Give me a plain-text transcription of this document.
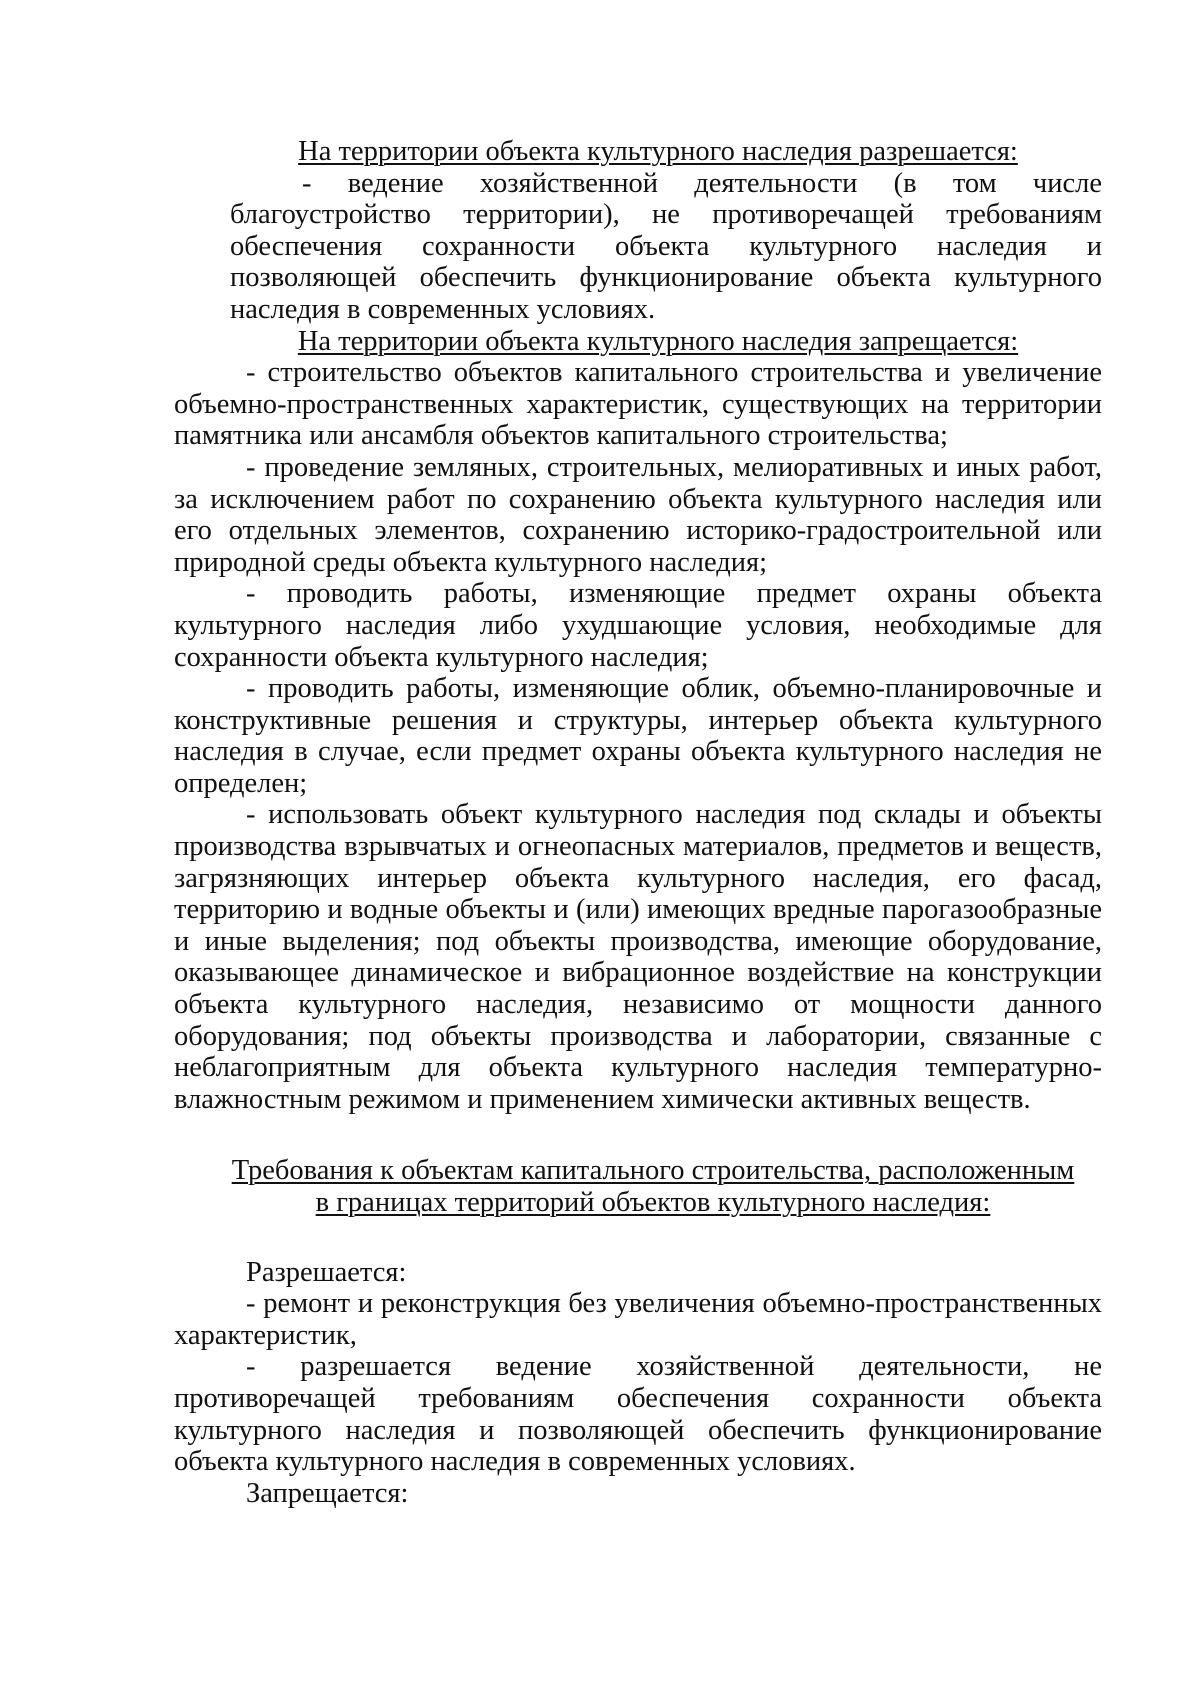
На территории объекта культурного наследия разрешается:

- ведение хозяйственной деятельности (в том числе благоустройство территории), не противоречащей требованиям обеспечения сохранности объекта культурного наследия и позволяющей обеспечить функционирование объекта культурного наследия в современных условиях.

На территории объекта культурного наследия запрещается:

- строительство объектов капитального строительства и увеличение объемно-пространственных характеристик, существующих на территории памятника или ансамбля объектов капитального строительства;

- проведение земляных, строительных, мелиоративных и иных работ, за исключением работ по сохранению объекта культурного наследия или его отдельных элементов, сохранению историко-градостроительной или природной среды объекта культурного наследия;

- проводить работы, изменяющие предмет охраны объекта культурного наследия либо ухудшающие условия, необходимые для сохранности объекта культурного наследия;

- проводить работы, изменяющие облик, объемно-планировочные и конструктивные решения и структуры, интерьер объекта культурного наследия в случае, если предмет охраны объекта культурного наследия не определен;

- использовать объект культурного наследия под склады и объекты производства взрывчатых и огнеопасных материалов, предметов и веществ, загрязняющих интерьер объекта культурного наследия, его фасад, территорию и водные объекты и (или) имеющих вредные парогазообразные и иные выделения; под объекты производства, имеющие оборудование, оказывающее динамическое и вибрационное воздействие на конструкции объекта культурного наследия, независимо от мощности данного оборудования; под объекты производства и лаборатории, связанные с неблагоприятным для объекта культурного наследия температурно-влажностным режимом и применением химически активных веществ.

Требования к объектам капитального строительства, расположенным
в границах территорий объектов культурного наследия:

Разрешается:

- ремонт и реконструкция без увеличения объемно-пространственных характеристик,

- разрешается ведение хозяйственной деятельности, не противоречащей требованиям обеспечения сохранности объекта культурного наследия и позволяющей обеспечить функционирование объекта культурного наследия в современных условиях.

Запрещается:
